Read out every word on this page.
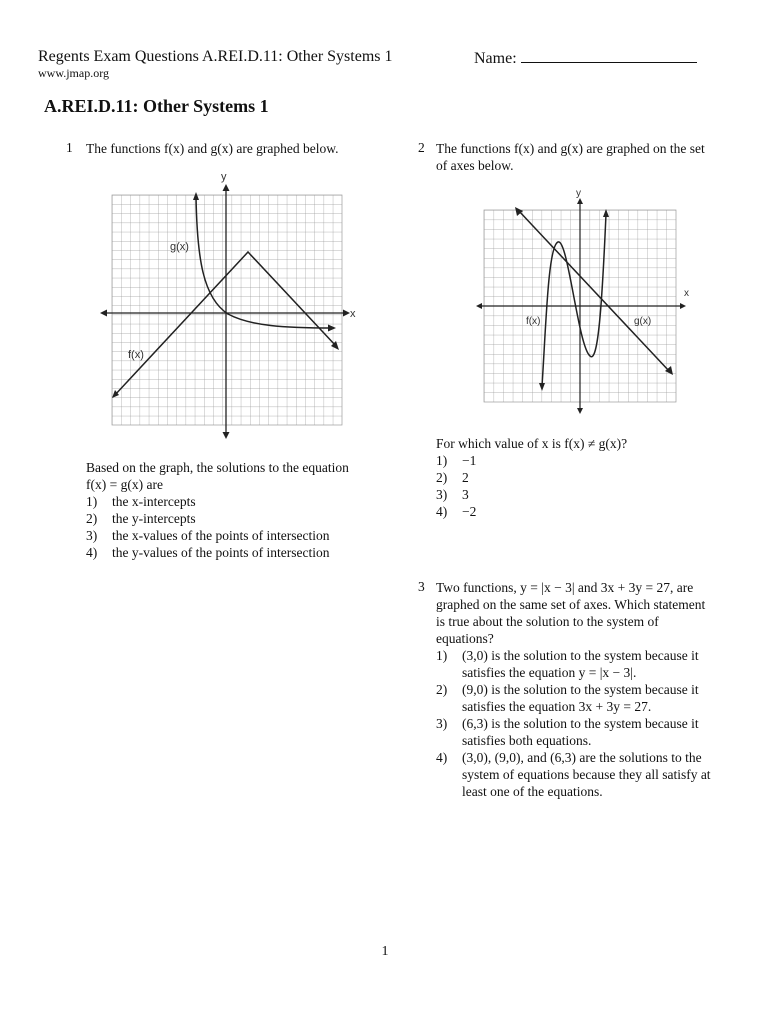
Regents Exam Questions A.REI.D.11: Other Systems 1
www.jmap.org
Name:
A.REI.D.11: Other Systems 1
1 The functions f(x) and g(x) are graphed below.
y
x
g(x)
f(x)
Based on the graph, the solutions to the equation
f(x) = g(x) are
1)	the x-intercepts
2)	the y-intercepts
3)	the x-values of the points of intersection
4)	the y-values of the points of intersection
2 The functions f(x) and g(x) are graphed on the set
of axes below.
y
x
f(x)	g(x)
For which value of x is f(x) ≠ g(x)?
1)	−1
2)	2
3)	3
4)	−2
3 Two functions, y = |x − 3| and 3x + 3y = 27, are
graphed on the same set of axes. Which statement
is true about the solution to the system of
equations?
1)	(3,0) is the solution to the system because it
satisfies the equation y = |x − 3|.
2)	(9,0) is the solution to the system because it
satisfies the equation 3x + 3y = 27.
3)	(6,3) is the solution to the system because it
satisfies both equations.
4)	(3,0), (9,0), and (6,3) are the solutions to the
system of equations because they all satisfy at
least one of the equations.
1
